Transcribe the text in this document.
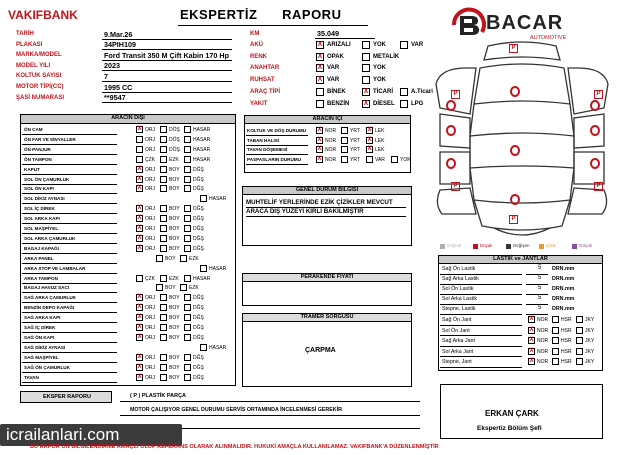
VAKIFBANK	EKSPERTİZ      RAPORU	BACAR
AUTOMOTIVE
TARİH	9.Mar.26
PLAKASI	34PIH109
MARKA/MODEL	Ford Transit 350 M Çift Kabin 170 Hp
MODEL YILI	2023
KOLTUK SAYISI	7
MOTOR TİPİ(CC)	1995 CC
ŞASİ NUMARASI	**9547
KM	35.049
AKÜ	X ARIZALI	YOK	VAR
RENK	X OPAK	METALİK
ANAHTAR	X VAR	YOK
RUHSAT	X VAR	YOK
ARAÇ TİPİ	BİNEK	X TİCARİ	A.Ticari
YAKIT	BENZİN X DİESEL	LPG
ARACIN DIŞI
ÖN CAM	X ORJ	DÖŞ	HASAR
ÖN FAR VE SİNYALLER	ORJ	DÖŞ	HASAR
ÖN PANJUR	ORJ	DÖŞ	HASAR
ÖN TAMPON	ÇZK	EZK	HASAR
KAPUT	X ORJ	BOY	DĞŞ
SOL ÖN ÇAMURLUK	X ORJ	BOY	DĞŞ
SOL ÖN KAPI	X ORJ	BOY	DĞŞ
SOL DİKİZ AYNASI	HASAR
SOL İÇ DİREK	X ORJ	BOY	DĞŞ
SOL ARKA KAPI	X ORJ	BOY	DĞŞ
SOL MAŞPİYEL	X ORJ	BOY	DĞŞ
SOL ARKA ÇAMURLUK	X ORJ	BOY	DĞŞ
BAGAJ KAPAĞI	X ORJ	BOY	DĞŞ
ARKA PANEL	BOY	EZK
ARKA STOP VE LAMBALAR	HASAR
ARKA TAMPON	ÇZK	EZK	HASAR
BAGAJ HAVUZ SACI	BOY	EZK
SAĞ ARKA ÇAMURLUK	X ORJ	BOY	DĞŞ
BENZİN DEPO KAPAĞI	X ORJ	BOY	DĞŞ
SAĞ ARKA KAPI	X ORJ	BOY	DĞŞ
SAĞ İÇ DİREK	X ORJ	BOY	DĞŞ
SAĞ ÖN KAPI	X ORJ	BOY	DĞŞ
SAĞ DİKİZ AYNASI	HASAR
SAĞ MAŞPİYEL	X ORJ	BOY	DĞŞ
SAĞ ÖN ÇAMURLUK	X ORJ	BOY	DĞŞ
TAVAN	X ORJ	BOY	DĞŞ
ARACIN İÇİ
KOLTUK VE DÖŞ DURUMU X NOR	YRT X LEK
TABAN HALISI	X NOR	YRT X LEK
TAVAN DÖŞEMESİ	X NOR	YRT X LEK
PASPASLARIN DURUMU	X NOR	YRT	VAR	YOK
GENEL DURUM BİLGİSİ
MUHTELİF YERLERİNDE EZİK ÇİZİKLER MEVCUT
ARACA DIŞ YÜZEYİ KİRLİ BAKILMIŞTIR
PERAKENDE FİYATI
TRAMER SORGUSU
ÇARPMA
P
P
P	P
P	P
Orijinal	Boyalı	Değişen	Çizik	Göçük
LASTİK ve JANTLAR
Sağ Ön Lastik	5 DRN.mm
Sağ Arka Lastik	5 DRN.mm
Sol Ön Lastik	5 DRN.mm
Sol Arka Lastik	5 DRN.mm
Stepne, Lastik	5 DRN.mm
Sağ Ön Jant	X NOR	HSR	JKY
Sol Ön Jant	X NOR	HSR	JKY
Sağ Arka Jant	X NOR	HSR	JKY
Sol Arka Jant	X NOR	HSR	JKY
Stepne, Jant	X NOR	HSR	JKY
EKSPER RAPORU	( P ) PLASTİK PARÇA
MOTOR ÇALIŞIYOR GENEL DURUMU SERVİS ORTAMINDA İNCELENMESİ GEREKİR	ERKAN ÇARK
Ekspertiz Bölüm Şefi
icrailanlari.com
BU RAPOR ON BİLGİLENDİRME AMAÇLI OLUP REFERANS OLARAK ALINMALIDIR. HUKUKİ AMAÇLA KULLANILAMAZ. VAKIFBANK'A DÜZENLENMİŞTİR
